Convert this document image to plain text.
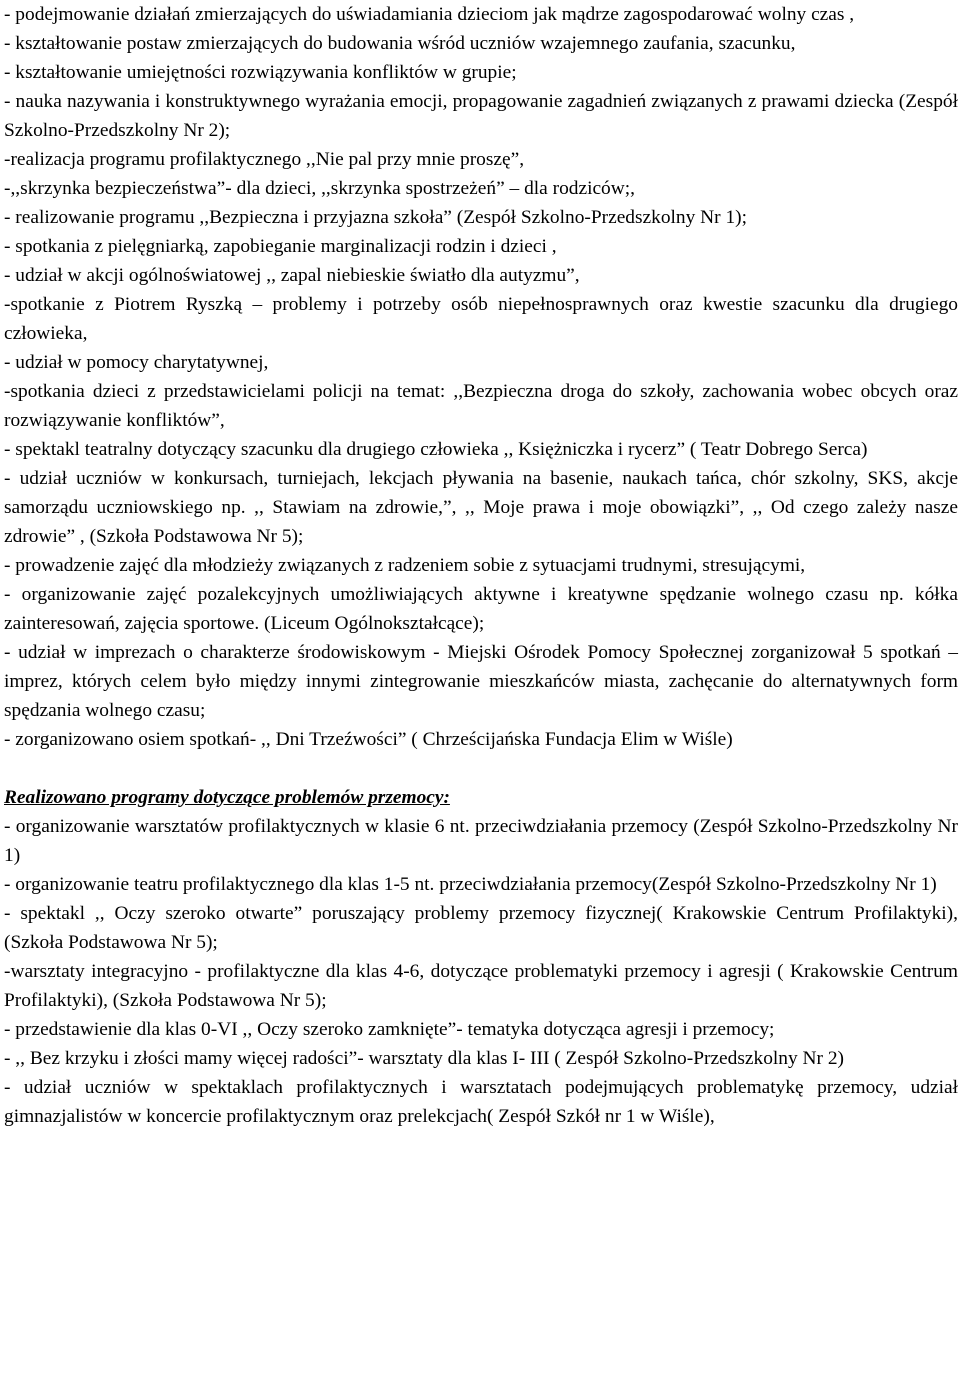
- podejmowanie działań zmierzających do uświadamiania dzieciom jak mądrze zagospodarować wolny czas ,

- kształtowanie postaw zmierzających do budowania wśród uczniów wzajemnego zaufania, szacunku,

- kształtowanie umiejętności rozwiązywania konfliktów w grupie;

- nauka nazywania i konstruktywnego wyrażania emocji, propagowanie zagadnień związanych z prawami dziecka (Zespół Szkolno-Przedszkolny Nr 2);

-realizacja programu profilaktycznego ,,Nie pal przy mnie proszę”,

-,,skrzynka bezpieczeństwa”- dla dzieci, ,,skrzynka spostrzeżeń” – dla rodziców;,

- realizowanie programu ,,Bezpieczna i przyjazna szkoła” (Zespół Szkolno-Przedszkolny Nr 1);

- spotkania z pielęgniarką, zapobieganie marginalizacji rodzin i dzieci ,

- udział w akcji ogólnoświatowej ,, zapal niebieskie światło dla autyzmu”,

-spotkanie z Piotrem Ryszką – problemy i potrzeby osób niepełnosprawnych oraz kwestie szacunku dla drugiego człowieka,

- udział w pomocy charytatywnej,

-spotkania dzieci z przedstawicielami policji na temat: ,,Bezpieczna droga do szkoły, zachowania wobec obcych oraz rozwiązywanie konfliktów”,

- spektakl teatralny dotyczący szacunku dla drugiego człowieka ,, Księżniczka i rycerz” ( Teatr Dobrego Serca)

- udział uczniów w konkursach, turniejach, lekcjach pływania na basenie, naukach tańca, chór szkolny, SKS, akcje samorządu uczniowskiego np. ,, Stawiam na zdrowie,”, ,, Moje prawa i moje obowiązki”, ,, Od czego zależy nasze zdrowie” , (Szkoła Podstawowa Nr 5);

- prowadzenie zajęć dla młodzieży związanych z radzeniem sobie z sytuacjami trudnymi, stresującymi,

- organizowanie zajęć pozalekcyjnych umożliwiających aktywne i kreatywne spędzanie wolnego czasu np. kółka zainteresowań, zajęcia sportowe. (Liceum Ogólnokształcące);

- udział w imprezach o charakterze środowiskowym - Miejski Ośrodek Pomocy Społecznej zorganizował 5 spotkań – imprez, których celem było między innymi zintegrowanie mieszkańców miasta, zachęcanie do alternatywnych form spędzania wolnego czasu;

- zorganizowano osiem spotkań- ,, Dni Trzeźwości” ( Chrześcijańska Fundacja Elim w Wiśle)

Realizowano programy dotyczące problemów przemocy:

- organizowanie warsztatów profilaktycznych w klasie 6 nt. przeciwdziałania przemocy (Zespół Szkolno-Przedszkolny Nr 1)

- organizowanie teatru profilaktycznego dla klas 1-5 nt. przeciwdziałania przemocy(Zespół Szkolno-Przedszkolny Nr 1)

- spektakl ,, Oczy szeroko otwarte” poruszający problemy przemocy fizycznej( Krakowskie Centrum Profilaktyki), (Szkoła Podstawowa Nr 5);

-warsztaty integracyjno - profilaktyczne dla klas 4-6, dotyczące problematyki przemocy i agresji ( Krakowskie Centrum Profilaktyki), (Szkoła Podstawowa Nr 5);

- przedstawienie dla klas 0-VI ,, Oczy szeroko zamknięte”- tematyka dotycząca agresji i przemocy;

- ,, Bez krzyku i złości mamy więcej radości”- warsztaty dla klas I- III ( Zespół Szkolno-Przedszkolny Nr 2)

- udział uczniów w spektaklach profilaktycznych i warsztatach podejmujących problematykę przemocy, udział gimnazjalistów w koncercie profilaktycznym oraz prelekcjach( Zespół Szkół nr 1 w Wiśle),
